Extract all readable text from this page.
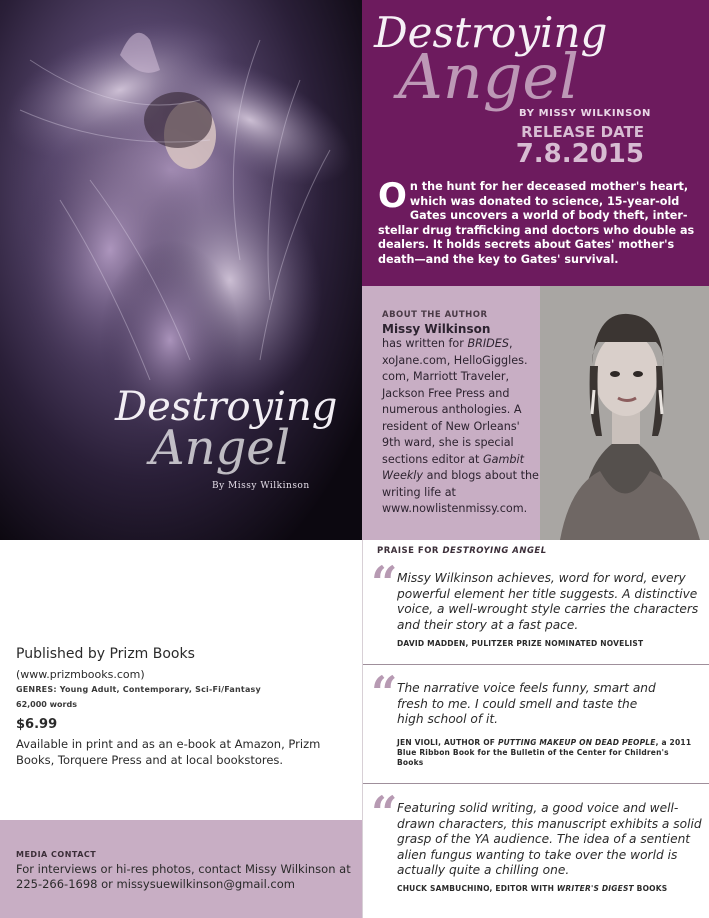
Destroying
Angel
By Missy Wilkinson
Destroying
Angel
BY MISSY WILKINSON
RELEASE DATE
7.8.2015
On the hunt for her deceased mother's heart, which was donated to science, 15-year-old Gates uncovers a world of body theft, inter-stellar drug trafficking and doctors who double as dealers. It holds secrets about Gates' mother's death—and the key to Gates' survival.
ABOUT THE AUTHOR
Missy Wilkinson
has written for BRIDES, xoJane.com, HelloGiggles. com, Marriott Traveler, Jackson Free Press and numerous anthologies. A resident of New Orleans' 9th ward, she is special sections editor at Gambit Weekly and blogs about the writing life at www.nowlistenmissy.com.
Published by Prizm Books
(www.prizmbooks.com)
GENRES: Young Adult, Contemporary, Sci-Fi/Fantasy
62,000 words
$6.99
Available in print and as an e-book at Amazon, Prizm Books, Torquere Press and at local bookstores.
MEDIA CONTACT
For interviews or hi-res photos, contact Missy Wilkinson at 225-266-1698 or missysuewilkinson@gmail.com
PRAISE FOR DESTROYING ANGEL
“ Missy Wilkinson achieves, word for word, every powerful element her title suggests. A distinctive voice, a well-wrought style carries the characters and their story at a fast pace.
DAVID MADDEN, PULITZER PRIZE NOMINATED NOVELIST
“ The narrative voice feels funny, smart and fresh to me. I could smell and taste the high school of it.
JEN VIOLI, AUTHOR OF PUTTING MAKEUP ON DEAD PEOPLE, a 2011 Blue Ribbon Book for the Bulletin of the Center for Children's Books
“ Featuring solid writing, a good voice and well-drawn characters, this manuscript exhibits a solid grasp of the YA audience. The idea of a sentient alien fungus wanting to take over the world is actually quite a chilling one.
CHUCK SAMBUCHINO, EDITOR WITH WRITER'S DIGEST BOOKS
